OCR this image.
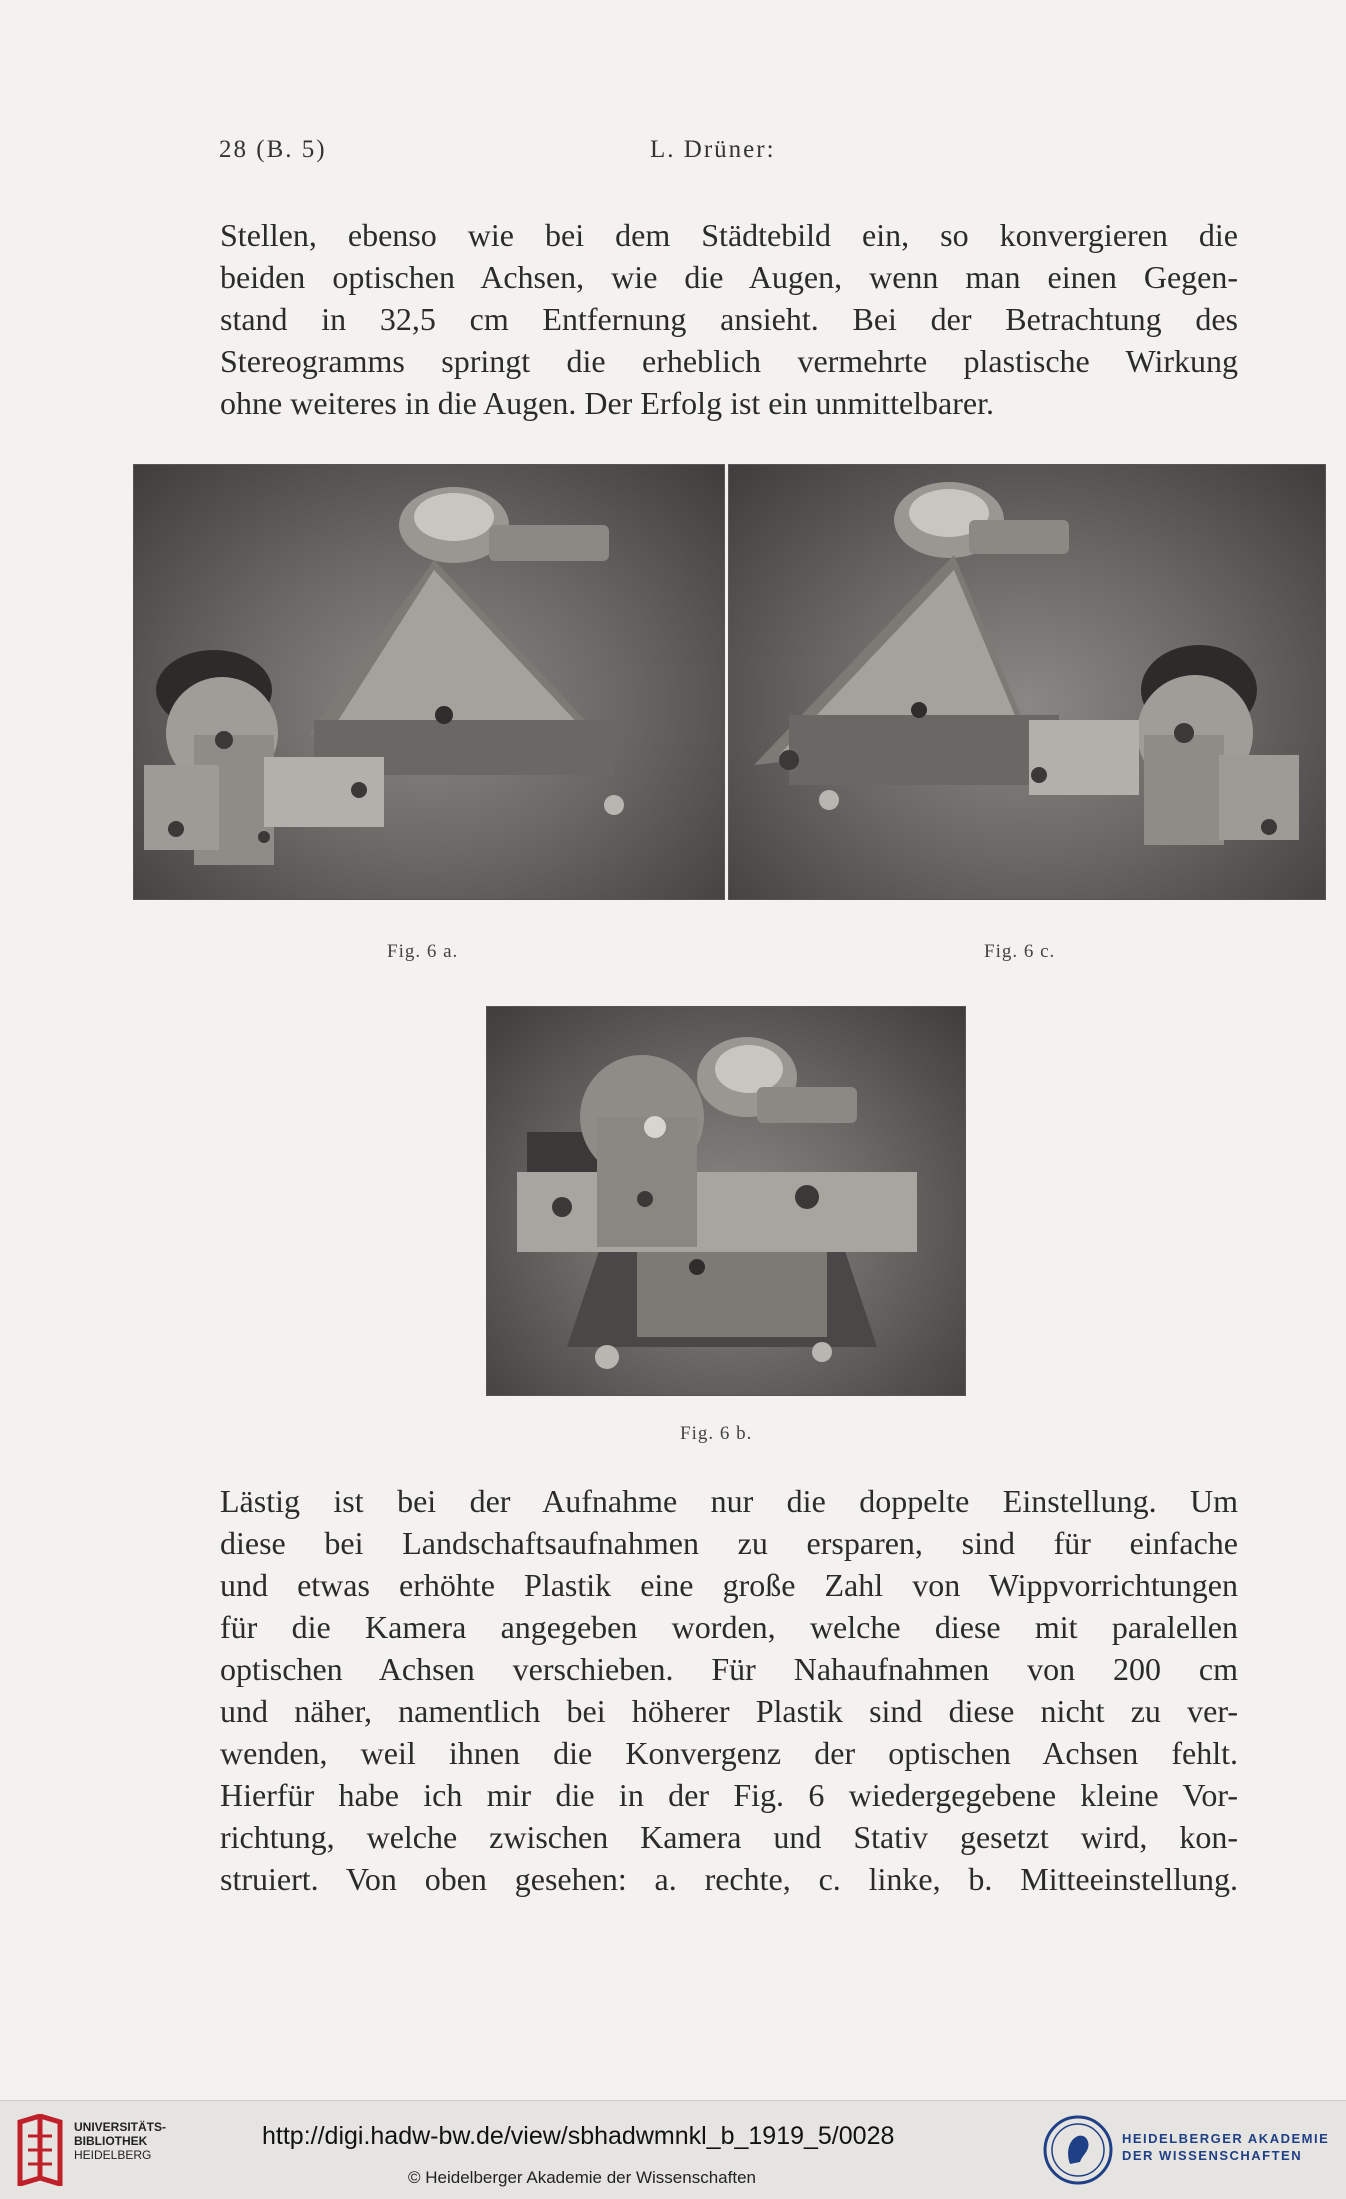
28 (B. 5)	L. Drüner:
Stellen, ebenso wie bei dem Städtebild ein, so konvergieren die
beiden optischen Achsen, wie die Augen, wenn man einen Gegen-
stand in 32,5 cm Entfernung ansieht. Bei der Betrachtung des
Stereogramms springt die erheblich vermehrte plastische Wirkung
ohne weiteres in die Augen. Der Erfolg ist ein unmittelbarer.
Fig. 6 a.	Fig. 6 c.
Fig. 6 b.
Lästig ist bei der Aufnahme nur die doppelte Einstellung. Um
diese bei Landschaftsaufnahmen zu ersparen, sind für einfache
und etwas erhöhte Plastik eine große Zahl von Wippvorrichtungen
für die Kamera angegeben worden, welche diese mit paralellen
optischen Achsen verschieben. Für Nahaufnahmen von 200 cm
und näher, namentlich bei höherer Plastik sind diese nicht zu ver-
wenden, weil ihnen die Konvergenz der optischen Achsen fehlt.
Hierfür habe ich mir die in der Fig. 6 wiedergegebene kleine Vor-
richtung, welche zwischen Kamera und Stativ gesetzt wird, kon-
struiert. Von oben gesehen: a. rechte, c. linke, b. Mitteeinstellung.
UNIVERSITÄTS-
BIBLIOTHEK
HEIDELBERG
http://digi.hadw-bw.de/view/sbhadwmnkl_b_1919_5/0028
© Heidelberger Akademie der Wissenschaften
HEIDELBERGER AKADEMIE
DER WISSENSCHAFTEN
